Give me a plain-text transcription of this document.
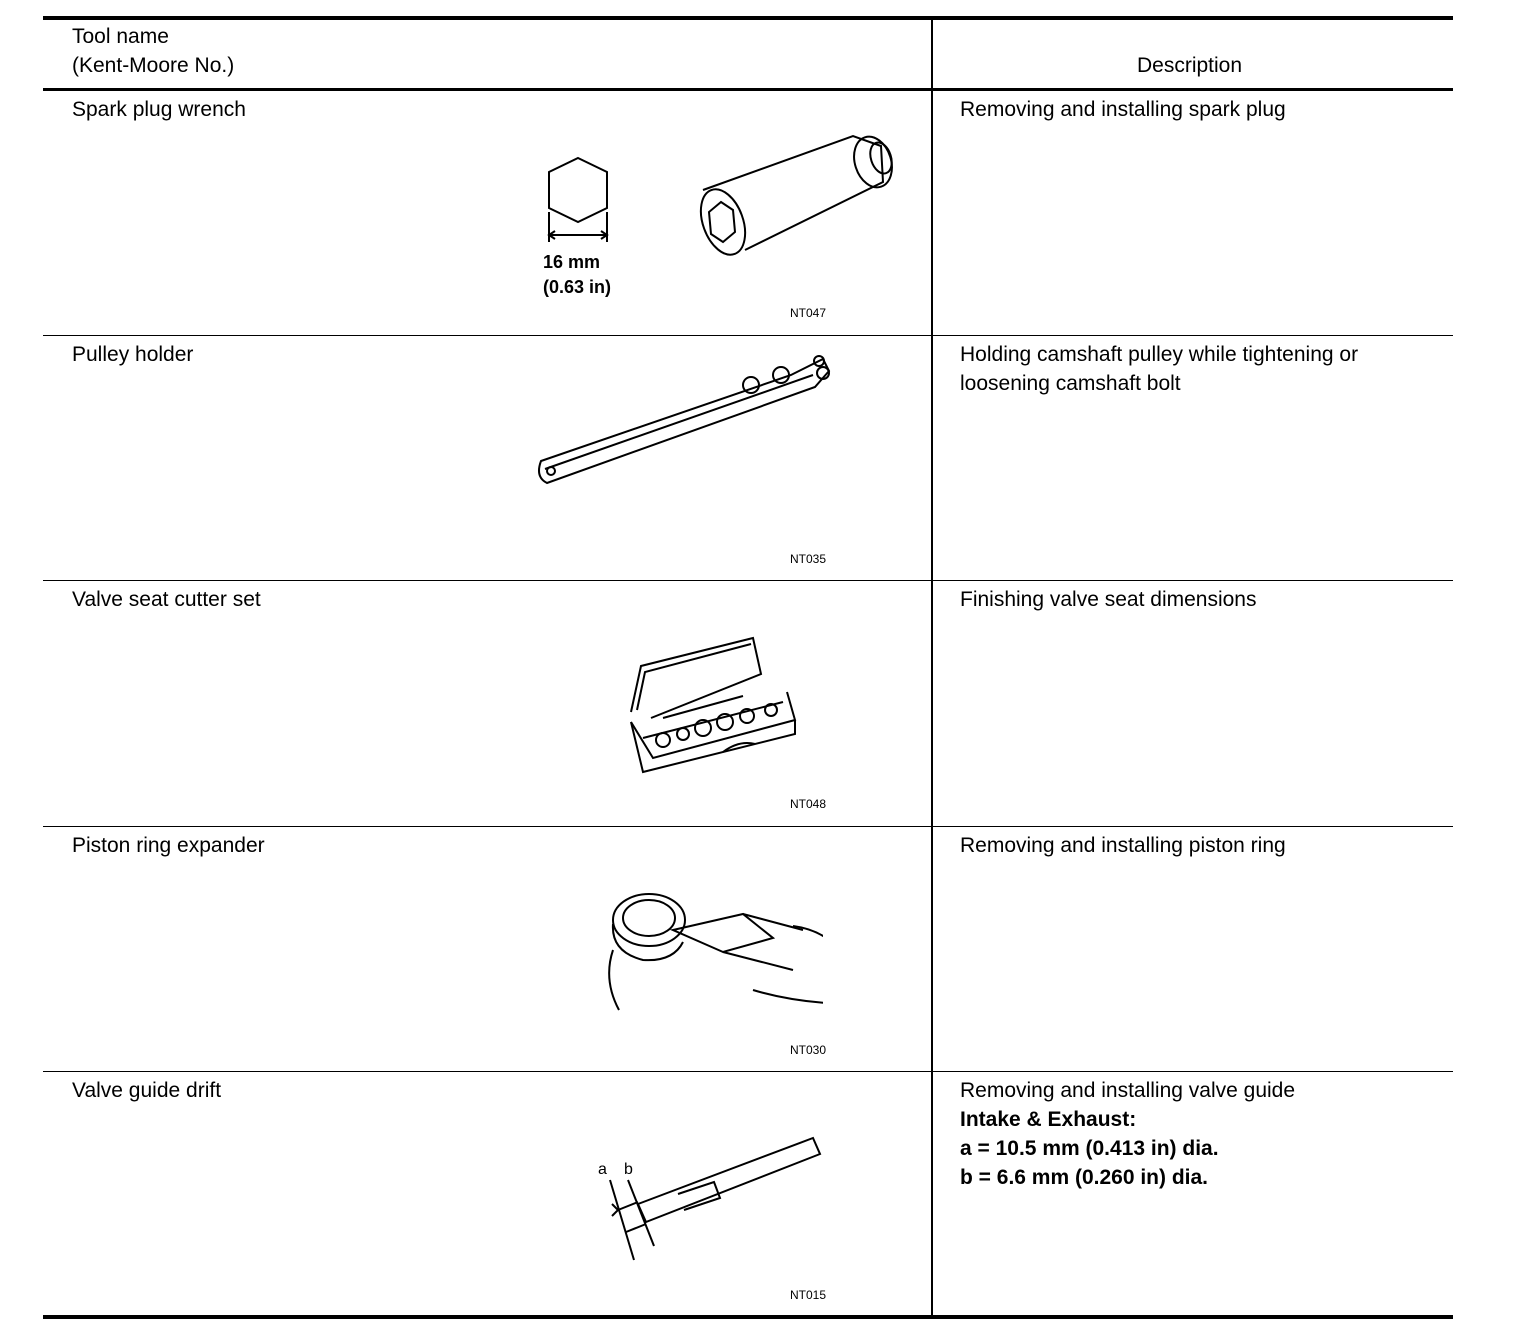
Tool name
(Kent-Moore No.)	Description
Spark plug wrench	Removing and installing spark plug
16 mm
(0.63 in)
NT047
Pulley holder	Holding camshaft pulley while tightening or
loosening camshaft bolt
NT035
Valve seat cutter set	Finishing valve seat dimensions
NT048
Piston ring expander	Removing and installing piston ring
NT030
Valve guide drift	Removing and installing valve guide
Intake & Exhaust:
a = 10.5 mm (0.413 in) dia.
b = 6.6 mm (0.260 in) dia.
a b
NT015
